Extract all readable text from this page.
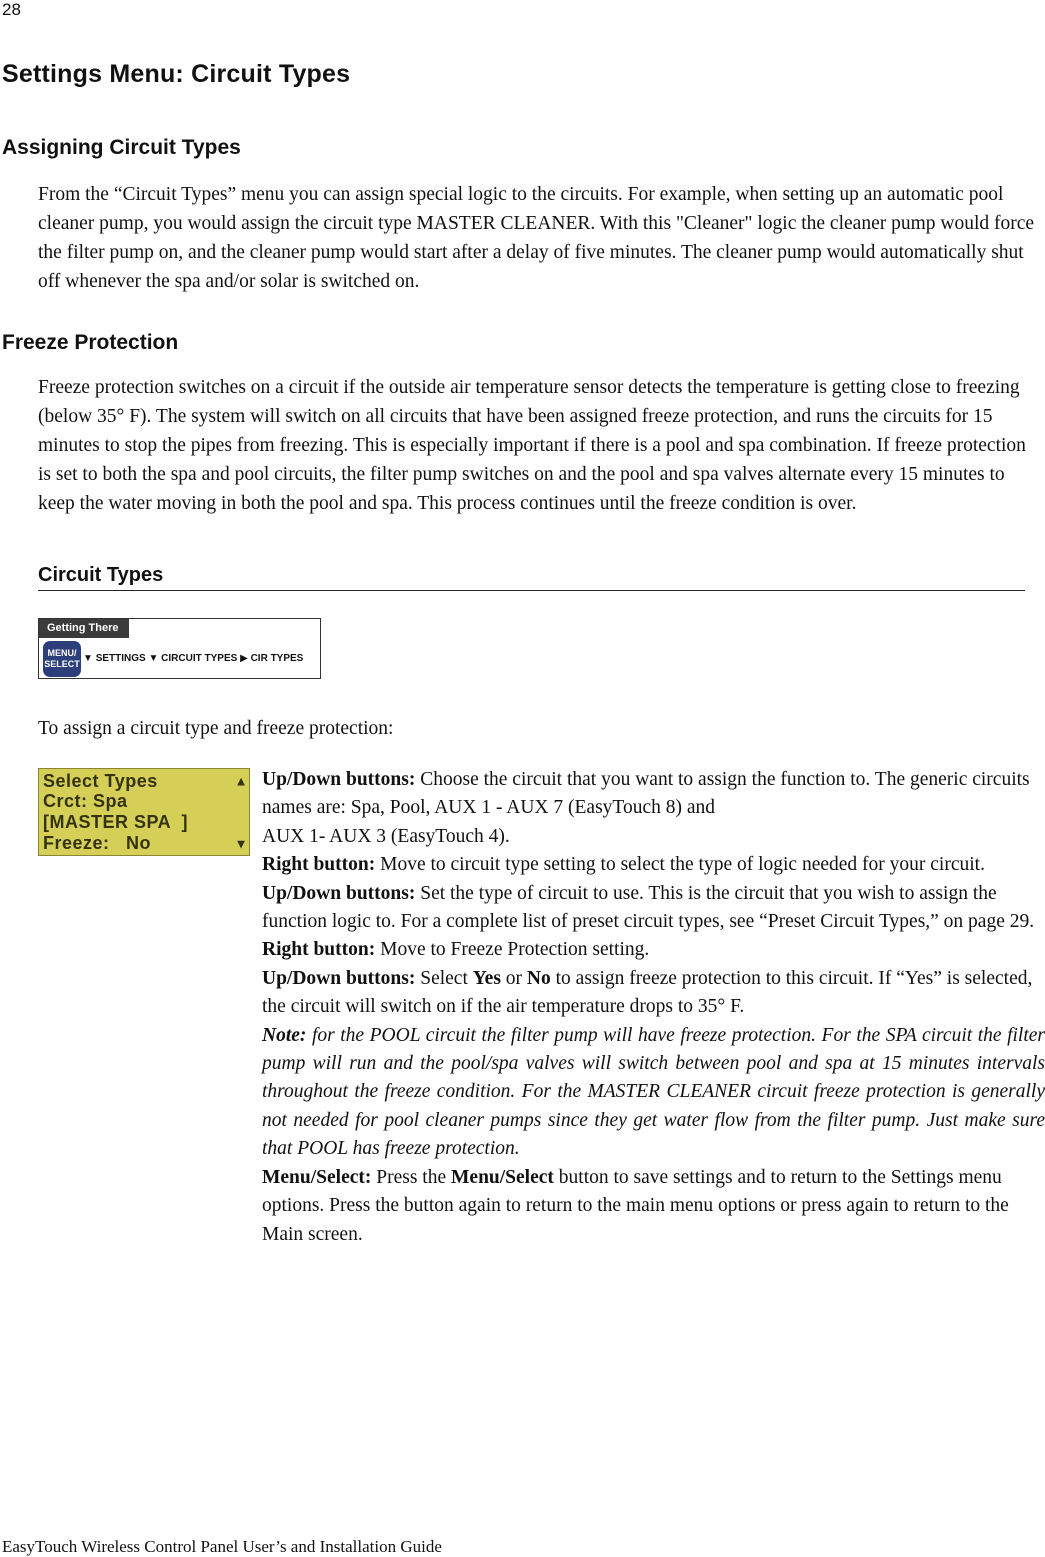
28
Settings Menu: Circuit Types
Assigning Circuit Types

From the “Circuit Types” menu you can assign special logic to the circuits. For example, when setting up an automatic pool cleaner pump, you would assign the circuit type MASTER CLEANER. With this "Cleaner" logic the cleaner pump would force the filter pump on, and the cleaner pump would start after a delay of five minutes. The cleaner pump would automatically shut off whenever the spa and/or solar is switched on.

Freeze Protection

Freeze protection switches on a circuit if the outside air temperature sensor detects the temperature is getting close to freezing (below 35° F). The system will switch on all circuits that have been assigned freeze protection, and runs the circuits for 15 minutes to stop the pipes from freezing. This is especially important if there is a pool and spa combination. If freeze protection is set to both the spa and pool circuits, the filter pump switches on and the pool and spa valves alternate every 15 minutes to keep the water moving in both the pool and spa. This process continues until the freeze condition is over.

Circuit Types
Getting There
MENU/
SELECT ▼ SETTINGS ▼ CIRCUIT TYPES ▶ CIR TYPES
To assign a circuit type and freeze protection:
Select Types
Crct: Spa
[MASTER SPA  ]
Freeze:   No
▲
▼
Up/Down buttons: Choose the circuit that you want to assign the function to. The generic circuits names are: Spa, Pool, AUX 1 - AUX 7 (EasyTouch 8) and
AUX 1- AUX 3 (EasyTouch 4).
Right button: Move to circuit type setting to select the type of logic needed for your circuit.
Up/Down buttons: Set the type of circuit to use. This is the circuit that you wish to assign the function logic to. For a complete list of preset circuit types, see “Preset Circuit Types,” on page 29.
Right button: Move to Freeze Protection setting.
Up/Down buttons: Select Yes or No to assign freeze protection to this circuit. If “Yes” is selected, the circuit will switch on if the air temperature drops to 35° F.
Note: for the POOL circuit the filter pump will have freeze protection. For the SPA circuit the filter pump will run and the pool/spa valves will switch between pool and spa at 15 minutes intervals throughout the freeze condition. For the MASTER CLEANER circuit freeze protection is generally not needed for pool cleaner pumps since they get water flow from the filter pump. Just make sure that POOL has freeze protection.
Menu/Select: Press the Menu/Select button to save settings and to return to the Settings menu options. Press the button again to return to the main menu options or press again to return to the Main screen.
EasyTouch Wireless Control Panel User’s and Installation Guide
